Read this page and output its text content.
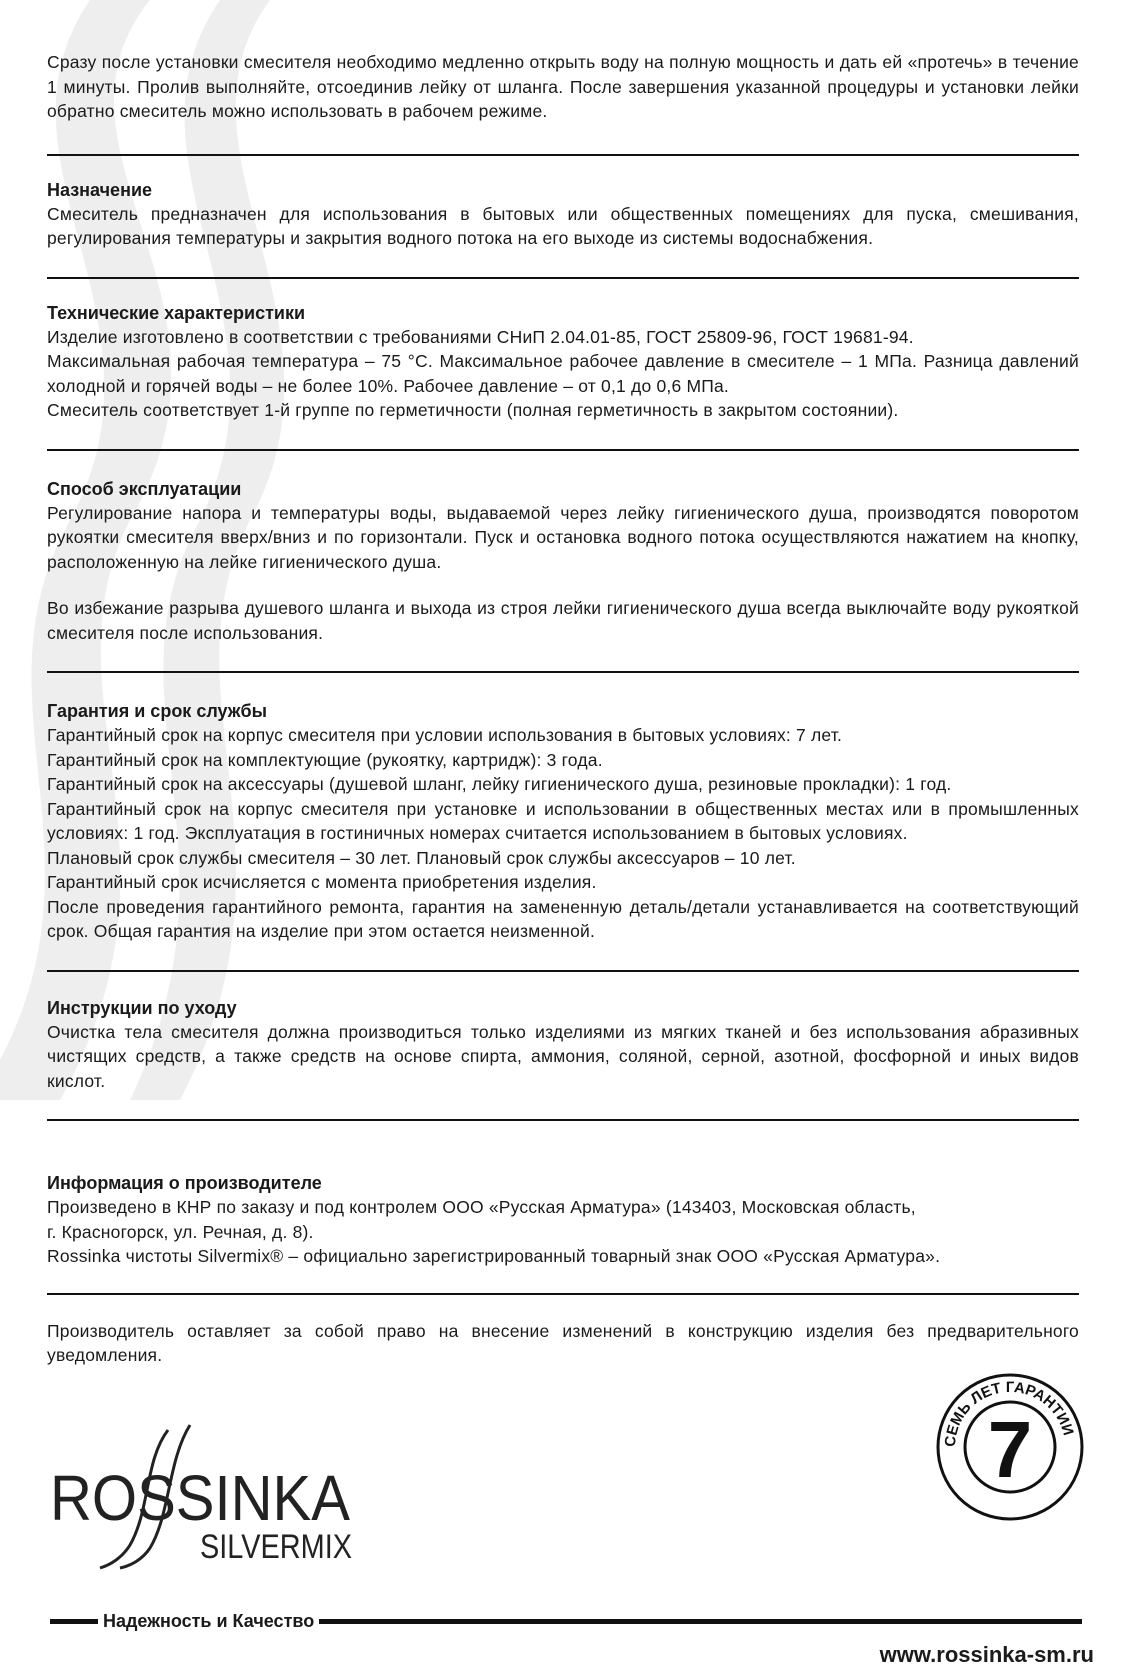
Сразу после установки смесителя необходимо медленно открыть воду на полную мощность и дать ей «протечь» в течение 1 минуты. Пролив выполняйте, отсоединив лейку от шланга. После завершения указанной процедуры и установки лейки обратно смеситель можно использовать в рабочем режиме.

Назначение

Смеситель предназначен для использования в бытовых или общественных помещениях для пуска, смешивания, регулирования температуры и закрытия водного потока на его выходе из системы водоснабжения.

Технические характеристики

Изделие изготовлено в соответствии с требованиями СНиП 2.04.01-85, ГОСТ 25809-96, ГОСТ 19681-94.

Максимальная рабочая температура – 75 °С. Максимальное рабочее давление в смесителе – 1 МПа. Разница давлений холодной и горячей воды – не более 10%. Рабочее давление – от 0,1 до 0,6 МПа.

Смеситель соответствует 1-й группе по герметичности (полная герметичность в закрытом состоянии).

Способ эксплуатации

Регулирование напора и температуры воды, выдаваемой через лейку гигиенического душа, производятся поворотом рукоятки смесителя вверх/вниз и по горизонтали. Пуск и остановка водного потока осуществляются нажатием на кнопку, расположенную на лейке гигиенического душа.

Во избежание разрыва душевого шланга и выхода из строя лейки гигиенического душа всегда выключайте воду рукояткой смесителя после использования.

Гарантия и срок службы

Гарантийный срок на корпус смесителя при условии использования в бытовых условиях: 7 лет.

Гарантийный срок на комплектующие (рукоятку, картридж): 3 года.

Гарантийный срок на аксессуары (душевой шланг, лейку гигиенического душа, резиновые прокладки): 1 год.

Гарантийный срок на корпус смесителя при установке и использовании в общественных местах или в промышленных условиях: 1 год. Эксплуатация в гостиничных номерах считается использованием в бытовых условиях.

Плановый срок службы смесителя – 30 лет. Плановый срок службы аксессуаров – 10 лет.

Гарантийный срок исчисляется с момента приобретения изделия.

После проведения гарантийного ремонта, гарантия на замененную деталь/детали устанавливается на соответствующий срок. Общая гарантия на изделие при этом остается неизменной.

Инструкции по уходу

Очистка тела смесителя должна производиться только изделиями из мягких тканей и без использования абразивных чистящих средств, а также средств на основе спирта, аммония, соляной, серной, азотной, фосфорной и иных видов кислот.

Информация о производителе

Произведено в КНР по заказу и под контролем ООО «Русская Арматура» (143403, Московская область,

г. Красногорск, ул. Речная, д. 8).

Rossinka чистоты Silvermix® – официально зарегистрированный товарный знак ООО «Русская Арматура».

Производитель оставляет за собой право на внесение изменений в конструкцию изделия без предварительного уведомления.

ROSSINKA
SILVERMIX
СЕМЬ ЛЕТ ГАРАНТИИ
7
Надежность и Качество
www.rossinka-sm.ru
